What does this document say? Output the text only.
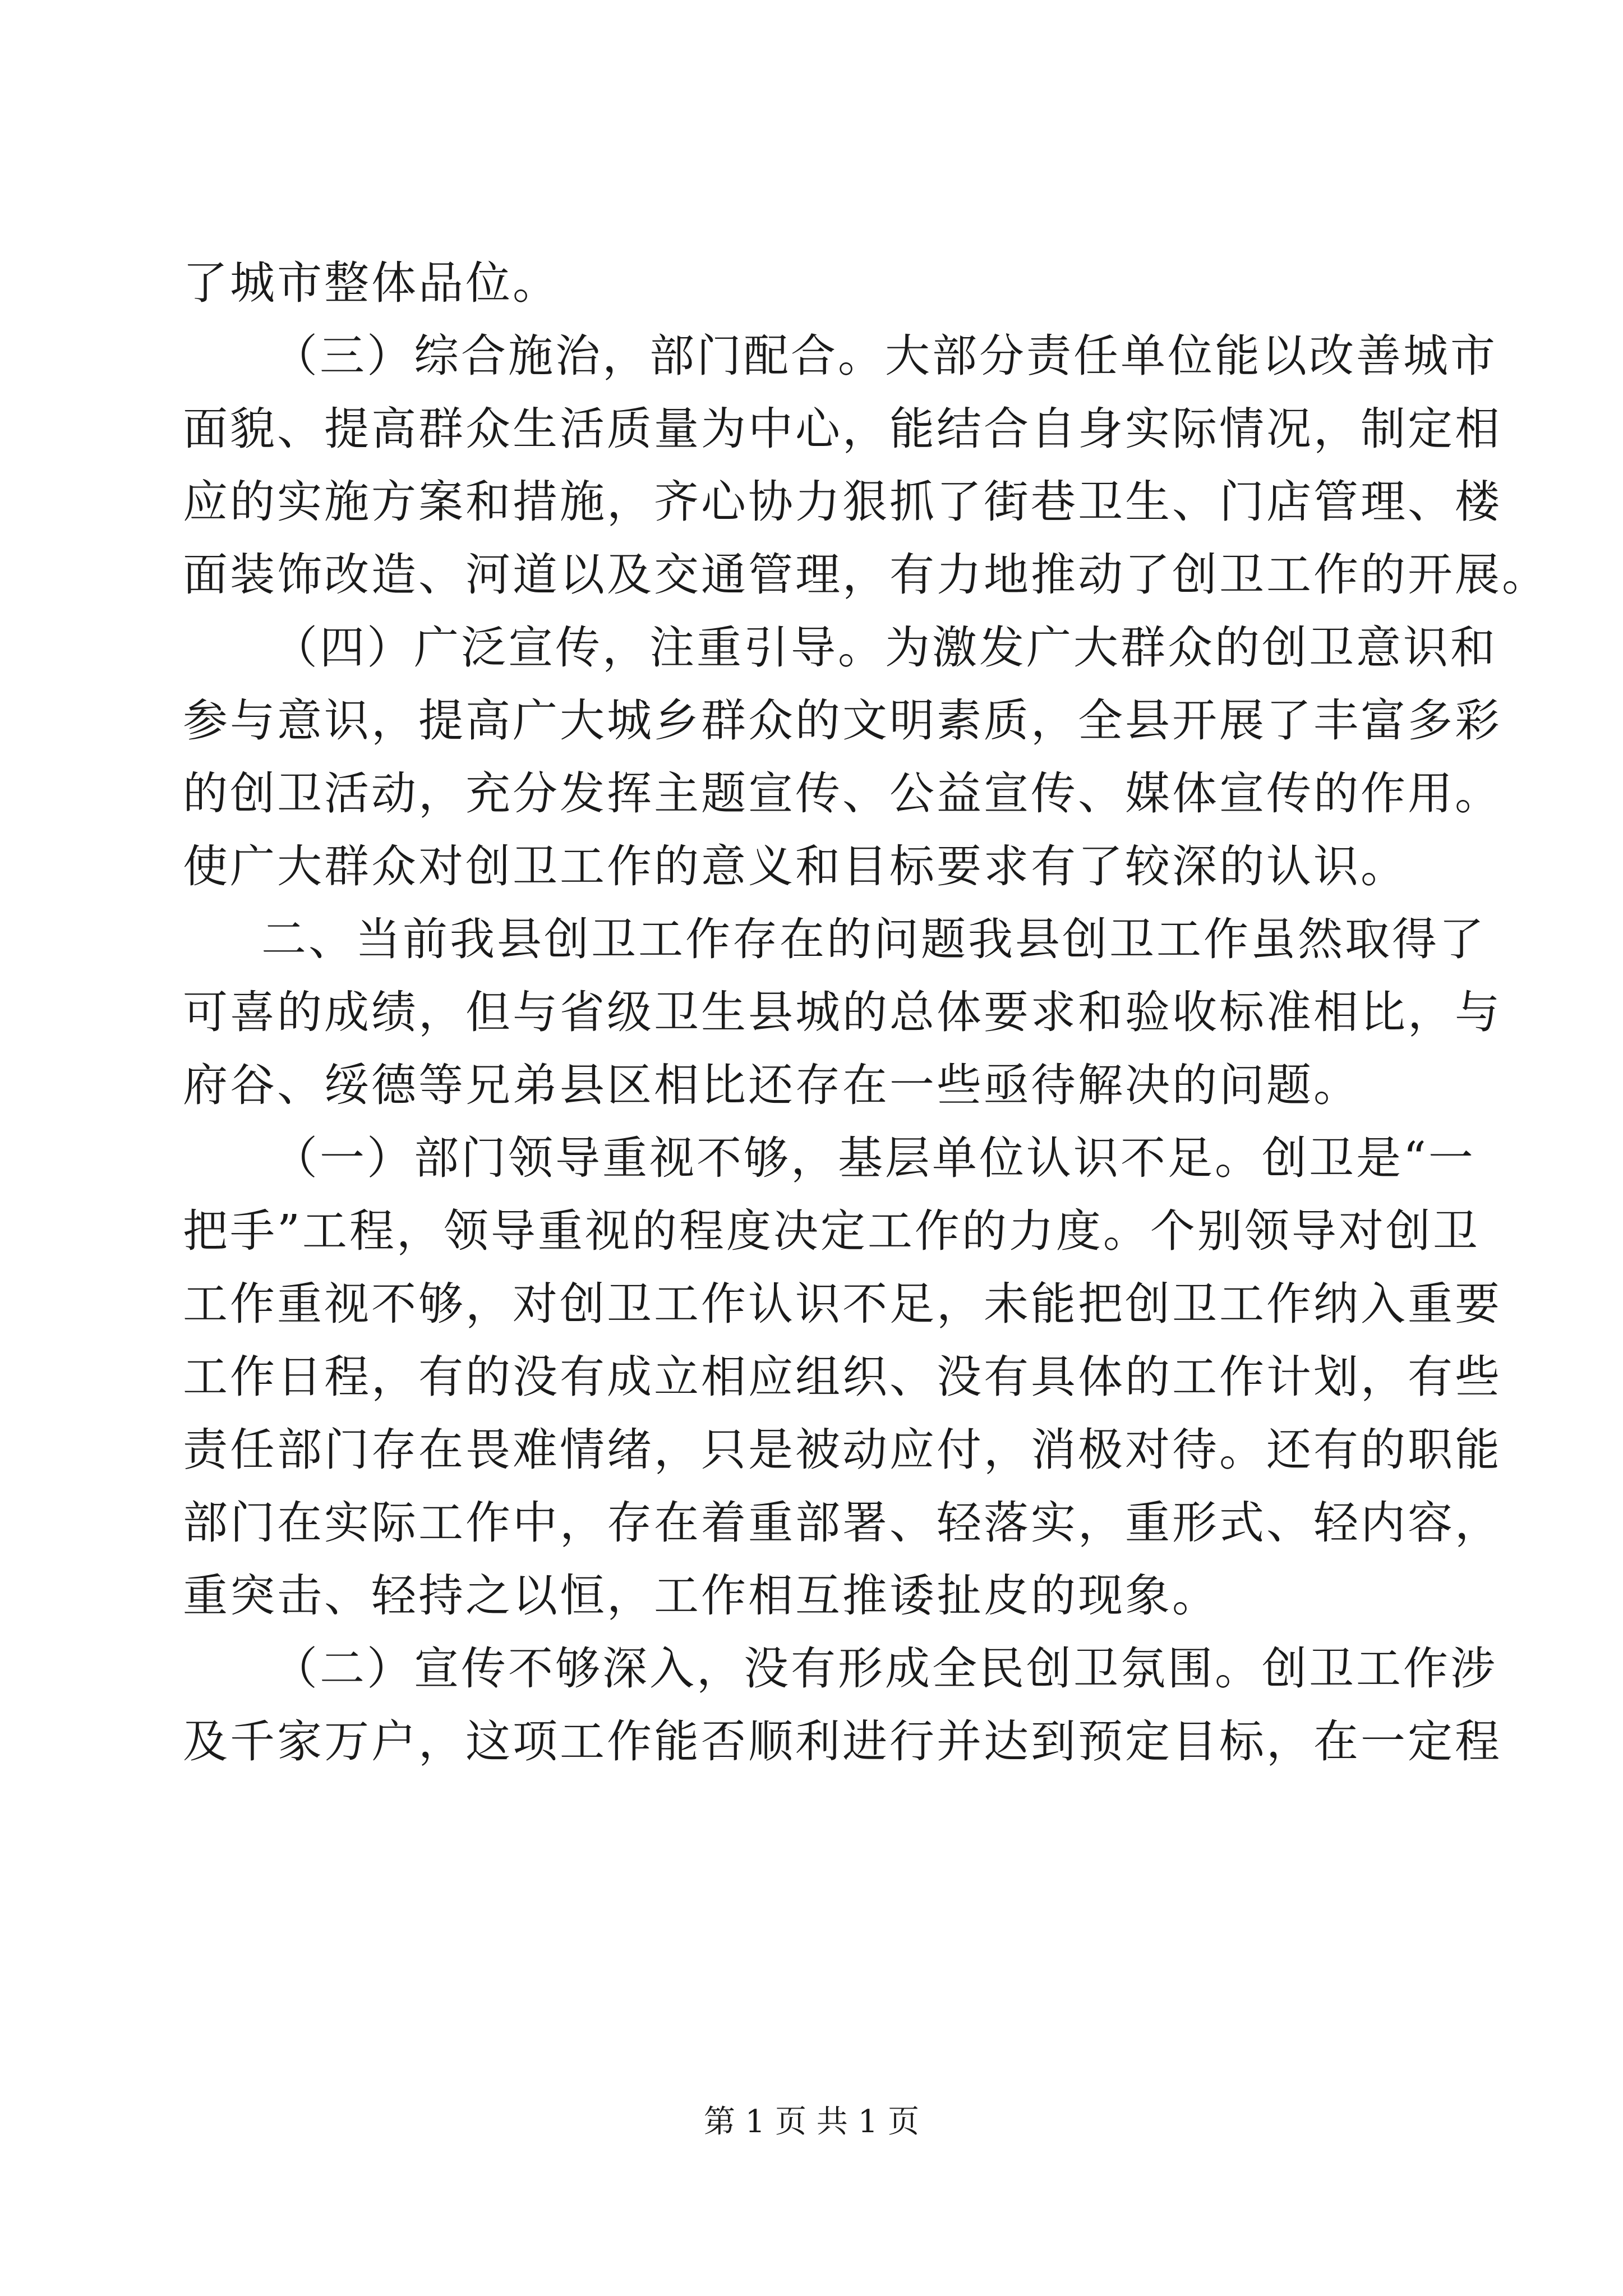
了城市整体品位。
（三）综合施治，部门配合。大部分责任单位能以改善城市
面貌、提高群众生活质量为中心，能结合自身实际情况，制定相
应的实施方案和措施，齐心协力狠抓了街巷卫生、门店管理、楼
面装饰改造、河道以及交通管理，有力地推动了创卫工作的开展。
（四）广泛宣传，注重引导。为激发广大群众的创卫意识和
参与意识，提高广大城乡群众的文明素质，全县开展了丰富多彩
的创卫活动，充分发挥主题宣传、公益宣传、媒体宣传的作用。
使广大群众对创卫工作的意义和目标要求有了较深的认识。
二、当前我县创卫工作存在的问题我县创卫工作虽然取得了
可喜的成绩，但与省级卫生县城的总体要求和验收标准相比，与
府谷、绥德等兄弟县区相比还存在一些亟待解决的问题。
（一）部门领导重视不够，基层单位认识不足。创卫是“一
把手”工程，领导重视的程度决定工作的力度。个别领导对创卫
工作重视不够，对创卫工作认识不足，未能把创卫工作纳入重要
工作日程，有的没有成立相应组织、没有具体的工作计划，有些
责任部门存在畏难情绪，只是被动应付，消极对待。还有的职能
部门在实际工作中，存在着重部署、轻落实，重形式、轻内容，
重突击、轻持之以恒，工作相互推诿扯皮的现象。
（二）宣传不够深入，没有形成全民创卫氛围。创卫工作涉
及千家万户，这项工作能否顺利进行并达到预定目标，在一定程
第 1 页 共 1 页
